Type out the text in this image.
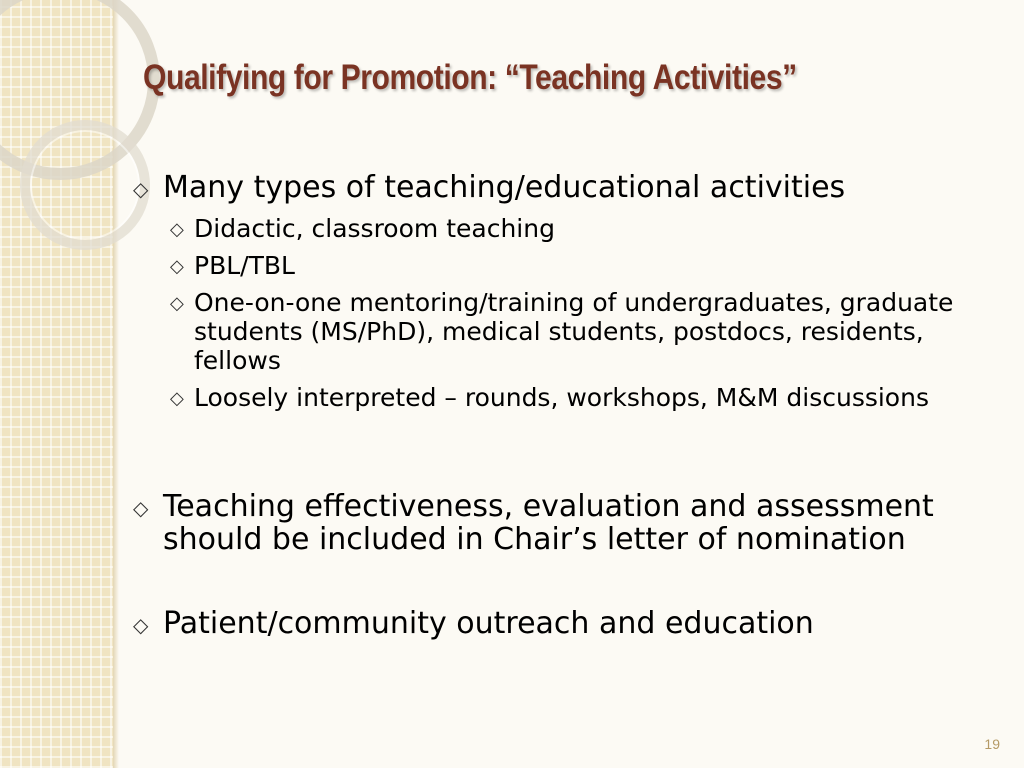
Qualifying for Promotion: “Teaching Activities”
◇ Many types of teaching/educational activities
◇ Didactic, classroom teaching
◇ PBL/TBL
◇ One-on-one mentoring/training of undergraduates, graduate students (MS/PhD), medical students, postdocs, residents, fellows
◇ Loosely interpreted – rounds, workshops, M&M discussions
◇ Teaching effectiveness, evaluation and assessment should be included in Chair’s letter of nomination
◇ Patient/community outreach and education
19
